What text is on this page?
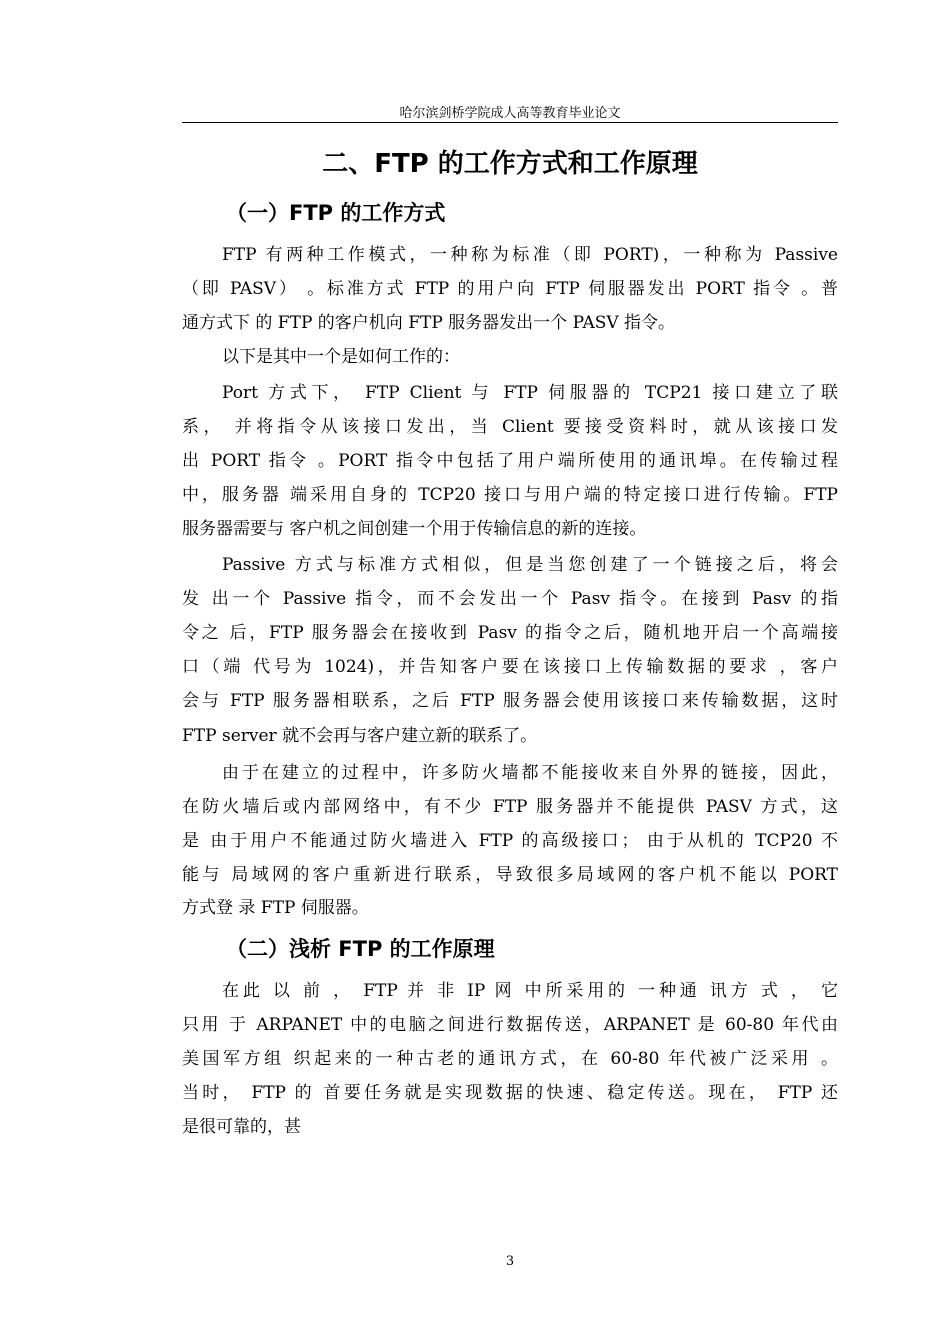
哈尔滨剑桥学院成人高等教育毕业论文
二、FTP 的工作方式和工作原理
（一）FTP 的工作方式
FTP 有两种工作模式，一种称为标准（即 PORT)，一种称为 Passive
（即 PASV） 。标准方式 FTP 的用户向 FTP 伺服器发出 PORT 指令 。普
通方式下 的 FTP 的客户机向 FTP 服务器发出一个 PASV 指令。
以下是其中一个是如何工作的：
Port 方式下， FTP Client 与 FTP 伺服器的 TCP21 接口建立了联
系， 并将指令从该接口发出，当 Client 要接受资料时，就从该接口发
出 PORT 指令 。PORT 指令中包括了用户端所使用的通讯埠。在传输过程
中，服务器 端采用自身的 TCP20 接口与用户端的特定接口进行传输。FTP
服务器需要与 客户机之间创建一个用于传输信息的新的连接。
Passive 方式与标准方式相似，但是当您创建了一个链接之后，将会
发 出一个 Passive 指令，而不会发出一个 Pasv 指令。在接到 Pasv 的指
令之 后，FTP 服务器会在接收到 Pasv 的指令之后，随机地开启一个高端接
口（端 代号为 1024)，并告知客户要在该接口上传输数据的要求 ，客户
会与 FTP 服务器相联系，之后 FTP 服务器会使用该接口来传输数据，这时
FTP server 就不会再与客户建立新的联系了。
由于在建立的过程中，许多防火墙都不能接收来自外界的链接，因此，
在防火墙后或内部网络中，有不少 FTP 服务器并不能提供 PASV 方式，这
是 由于用户不能通过防火墙进入 FTP 的高级接口； 由于从机的 TCP20 不
能与 局域网的客户重新进行联系，导致很多局域网的客户机不能以 PORT
方式登 录 FTP 伺服器。
（二）浅析 FTP 的工作原理
在此 以 前 ， FTP 并 非 IP 网 中所采用的 一种通 讯方 式 ， 它
只用 于 ARPANET 中的电脑之间进行数据传送，ARPANET 是 60-80 年代由
美国军方组 织起来的一种古老的通讯方式，在 60-80 年代被广泛采用 。
当时， FTP 的 首要任务就是实现数据的快速、稳定传送。现在， FTP 还
是很可靠的，甚
3
